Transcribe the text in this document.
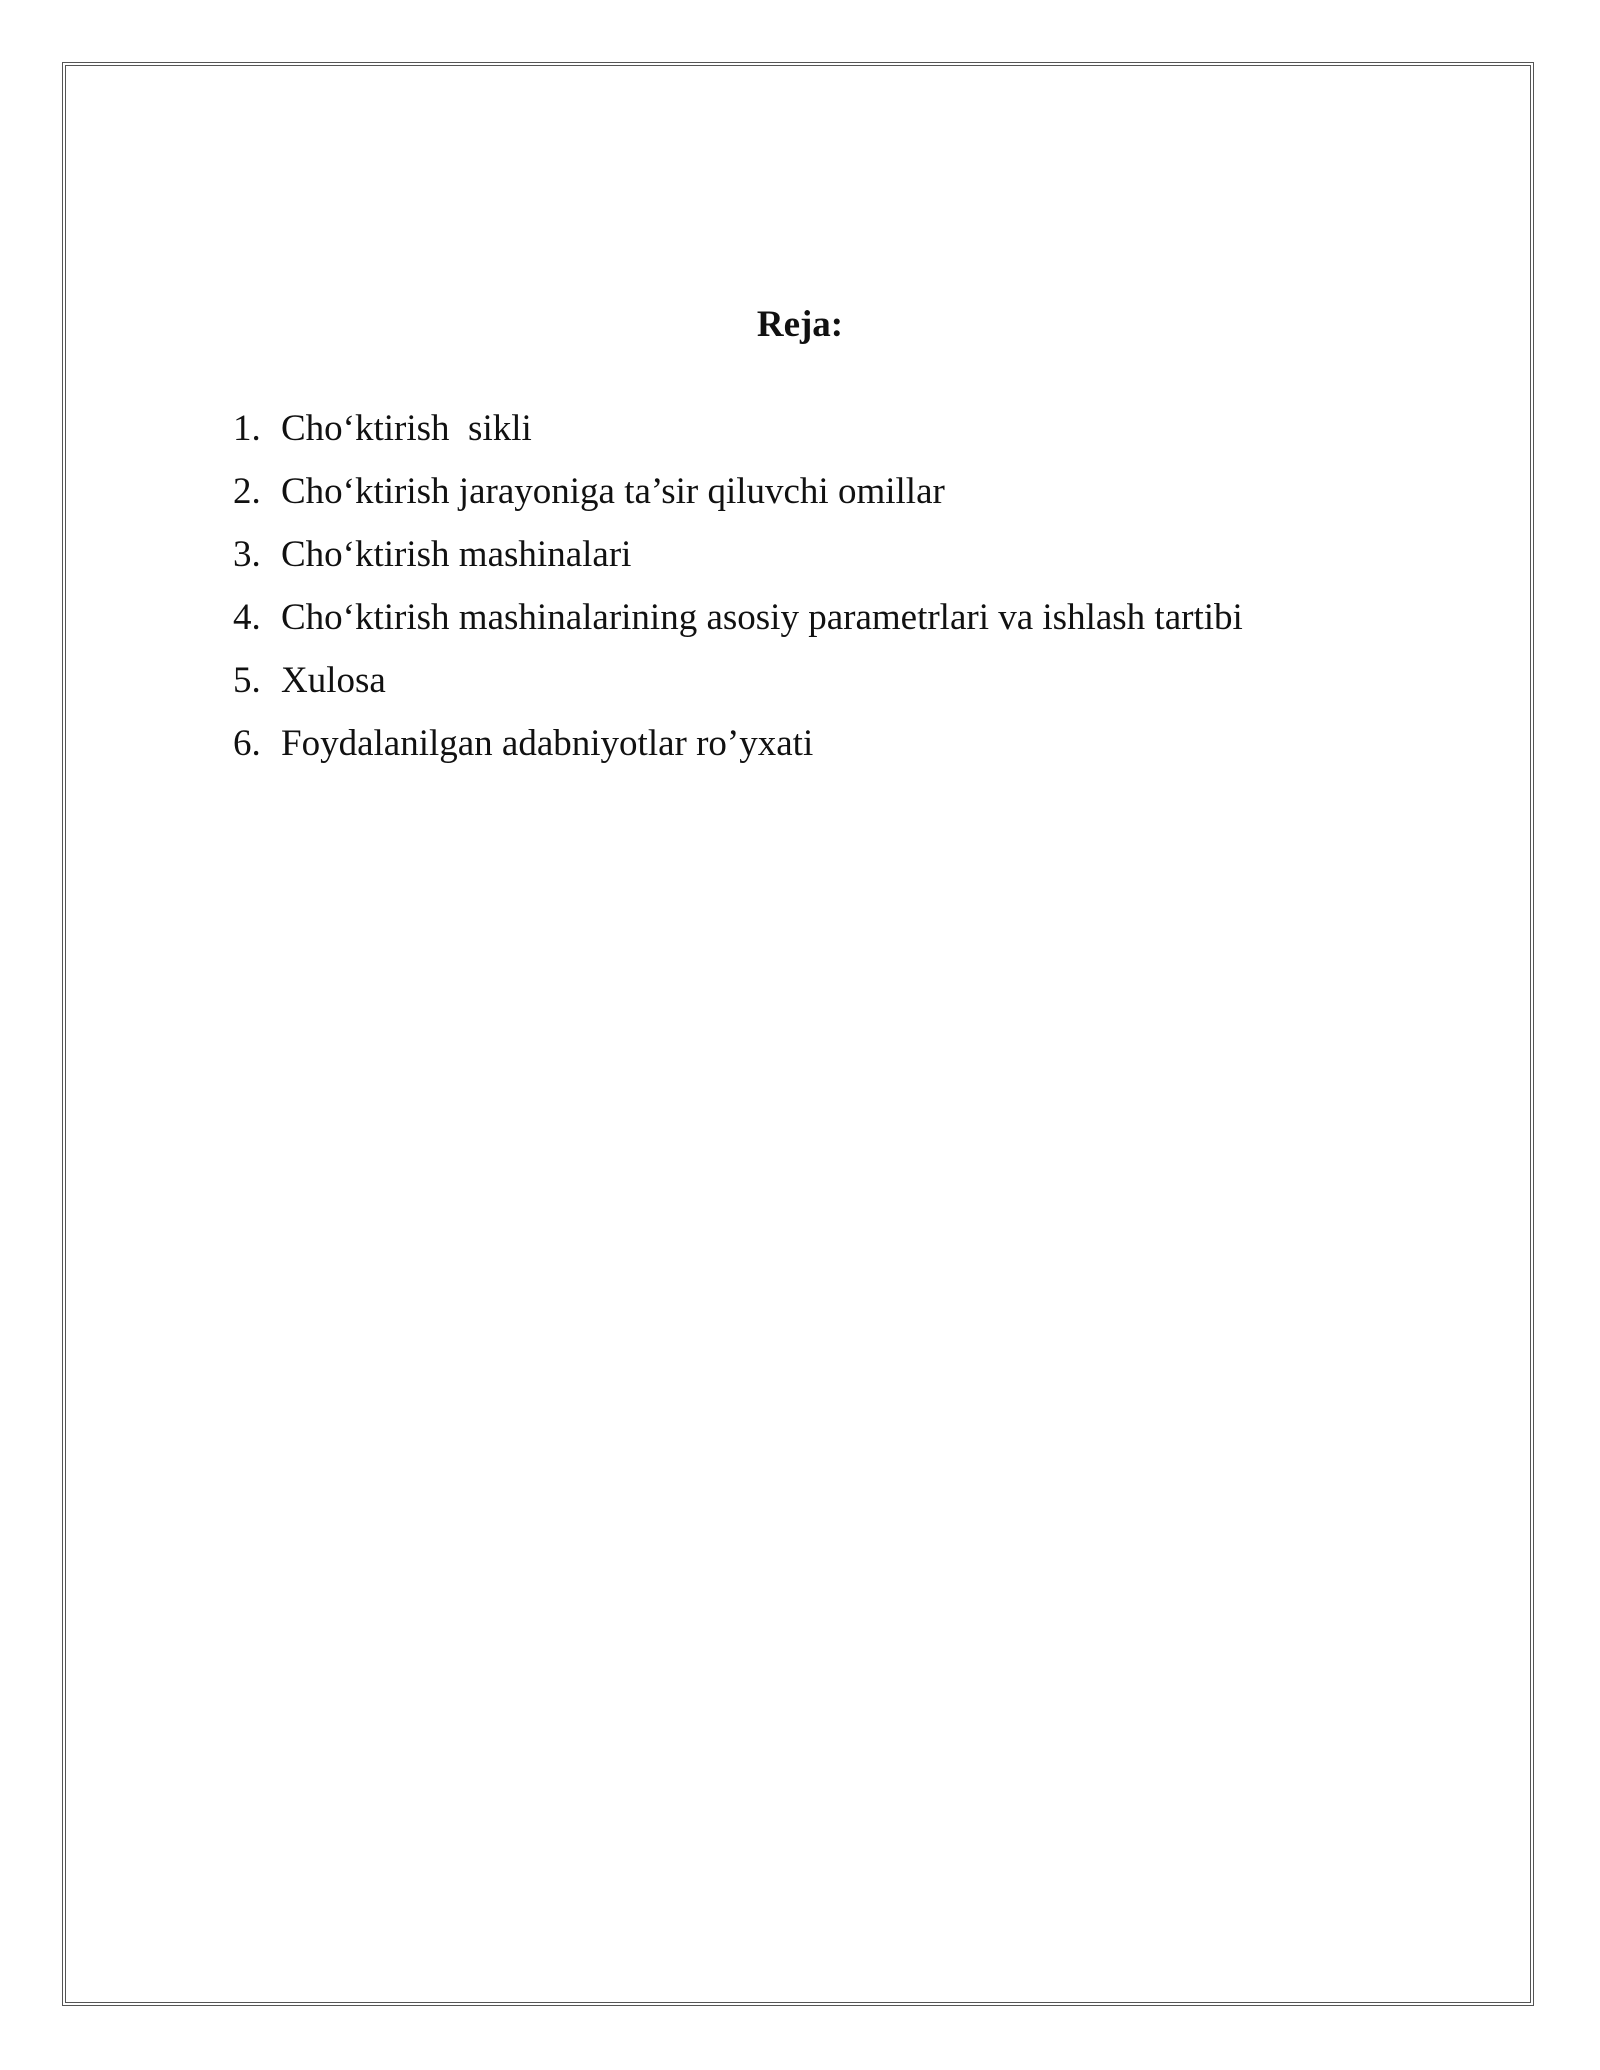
Reja:
1. Cho‘ktirish  sikli
2. Cho‘ktirish jarayoniga ta’sir qiluvchi omillar
3. Cho‘ktirish mashinalari
4. Cho‘ktirish mashinalarining asosiy parametrlari va ishlash tartibi
5. Xulosa
6. Foydalanilgan adabniyotlar ro’yxati
